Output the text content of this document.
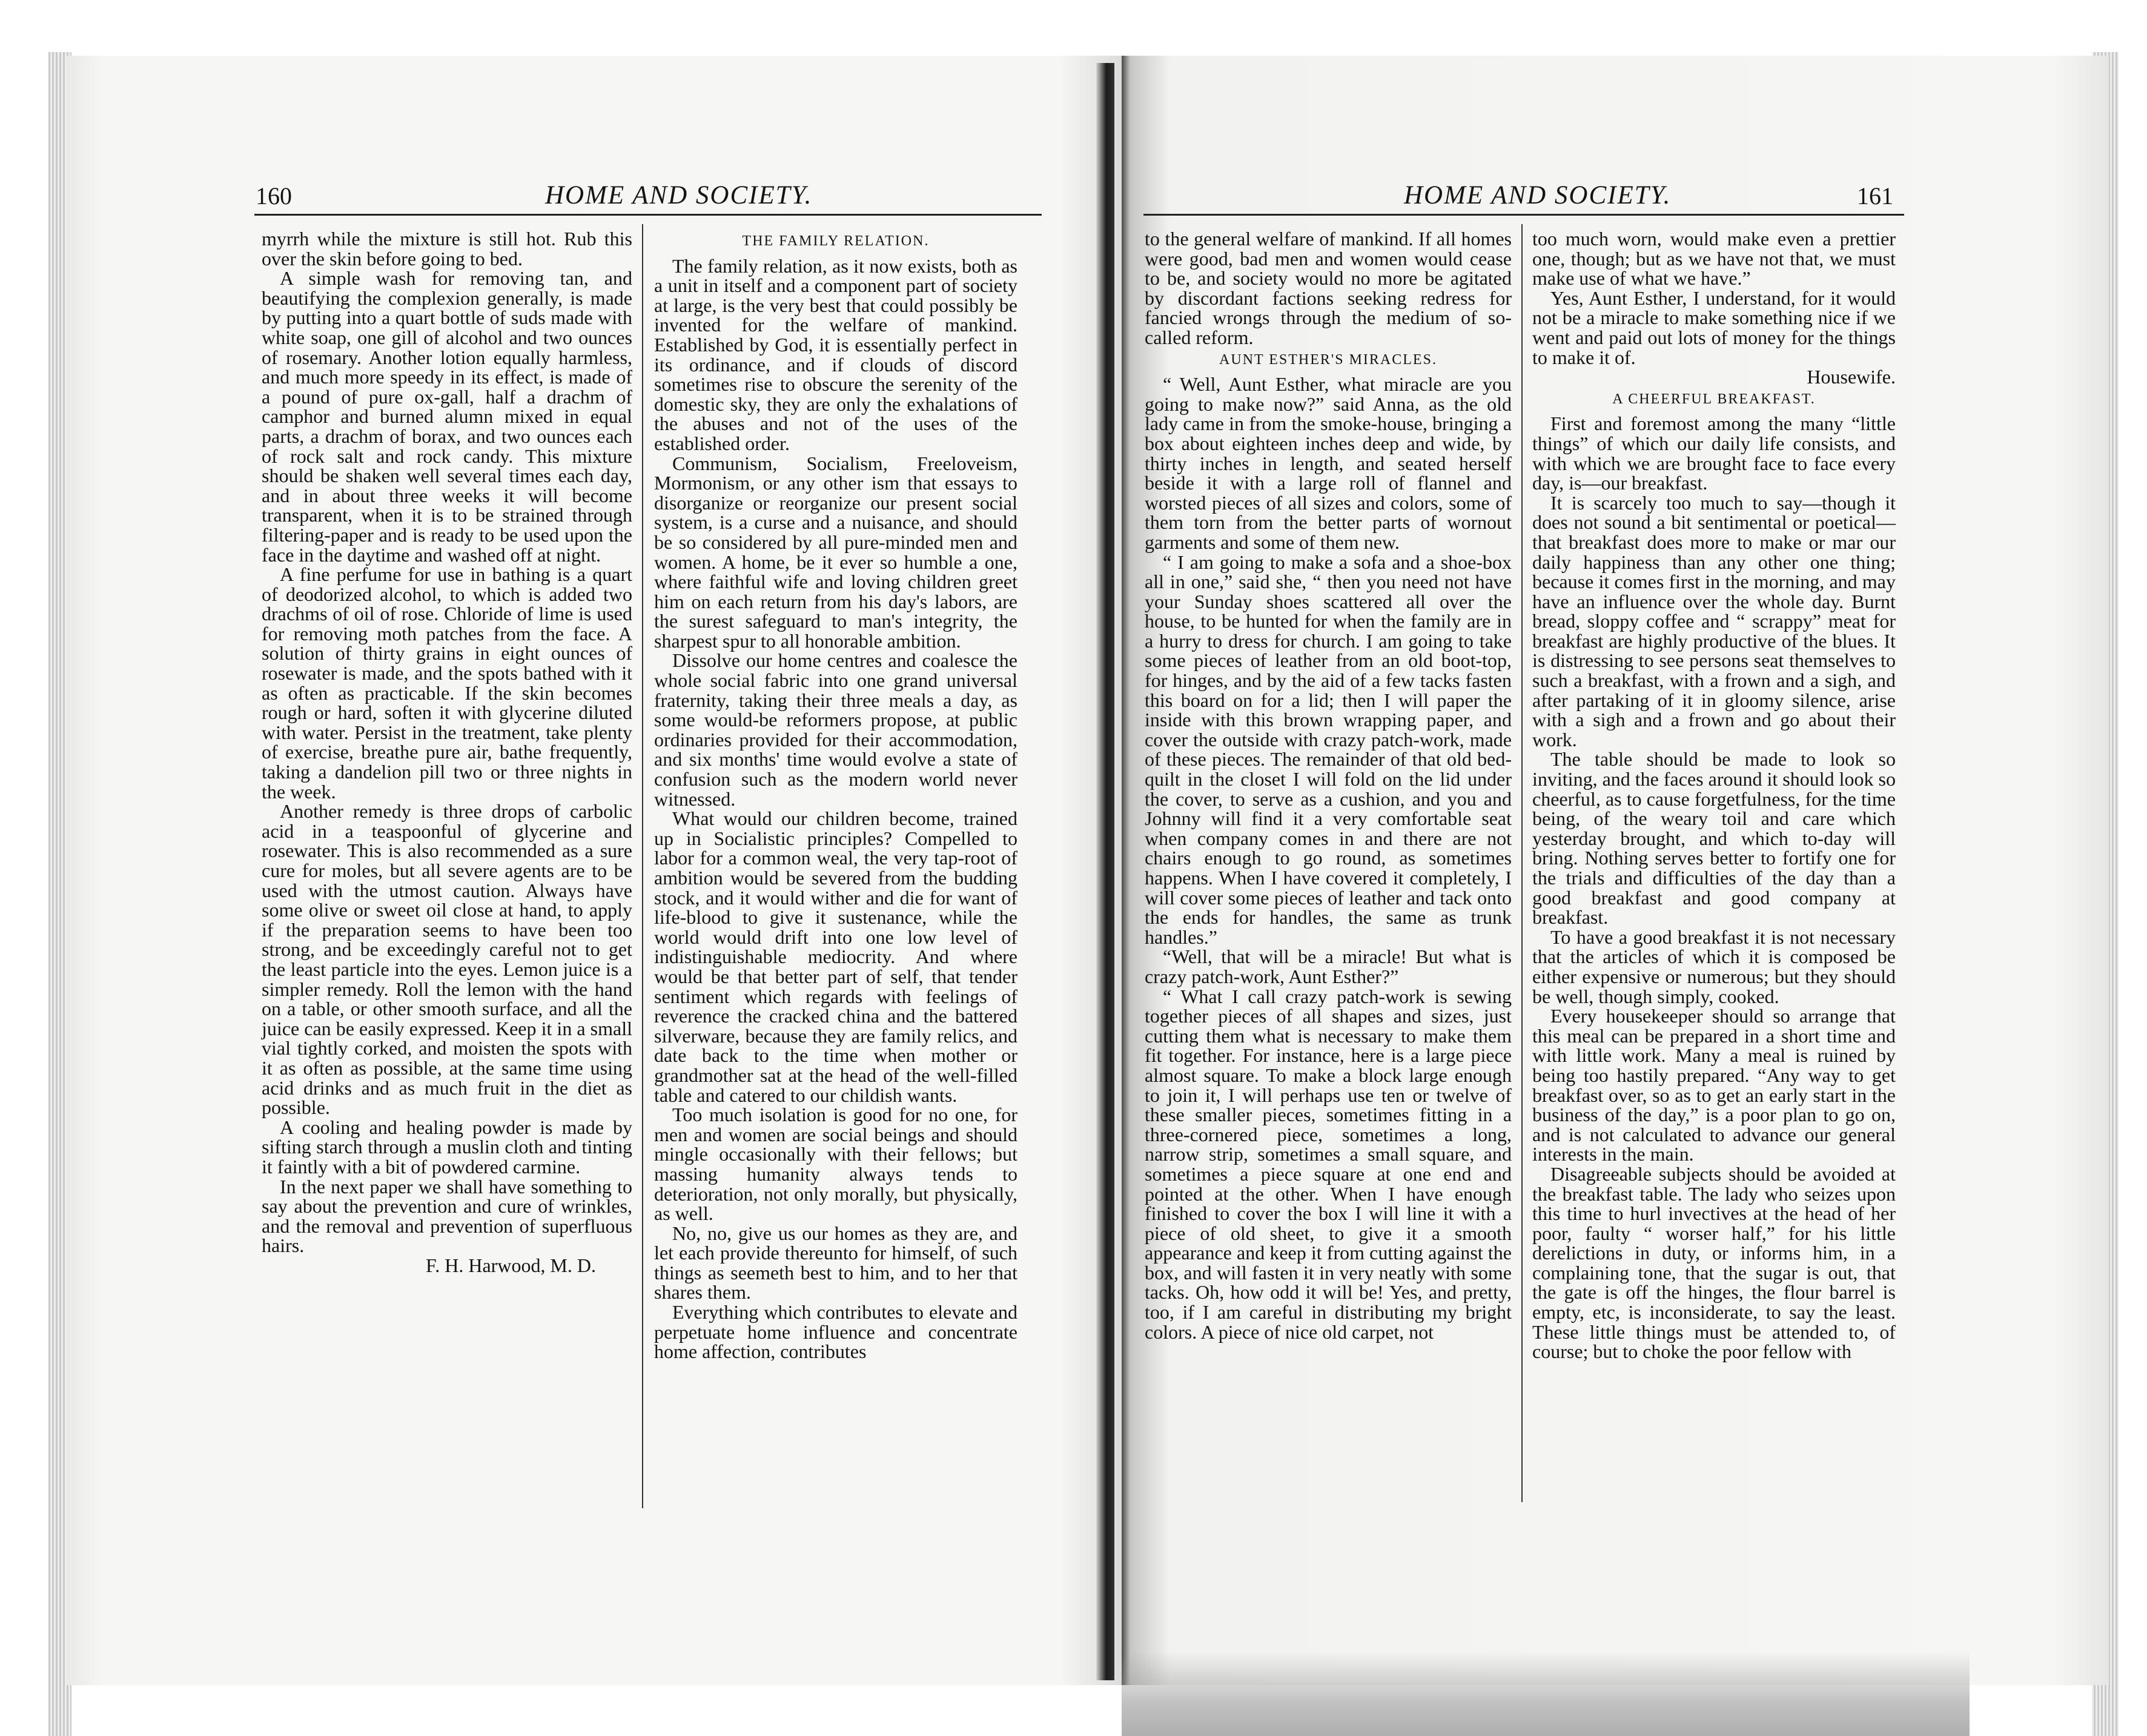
160	HOME AND SOCIETY.	HOME AND SOCIETY.	161

myrrh while the mixture is still hot. Rub this over the skin before going to bed.

A simple wash for removing tan, and beautifying the complexion generally, is made by putting into a quart bottle of suds made with white soap, one gill of alcohol and two ounces of rosemary. Another lotion equally harmless, and much more speedy in its effect, is made of a pound of pure ox-gall, half a drachm of camphor and burned alumn mixed in equal parts, a drachm of borax, and two ounces each of rock salt and rock candy. This mixture should be shaken well several times each day, and in about three weeks it will become transparent, when it is to be strained through filtering-paper and is ready to be used upon the face in the daytime and washed off at night.

A fine perfume for use in bathing is a quart of deodorized alcohol, to which is added two drachms of oil of rose. Chloride of lime is used for removing moth patches from the face. A solution of thirty grains in eight ounces of rosewater is made, and the spots bathed with it as often as practicable. If the skin becomes rough or hard, soften it with glycerine diluted with water. Persist in the treatment, take plenty of exercise, breathe pure air, bathe frequently, taking a dandelion pill two or three nights in the week.

Another remedy is three drops of carbolic acid in a teaspoonful of glycerine and rosewater. This is also recommended as a sure cure for moles, but all severe agents are to be used with the utmost caution. Always have some olive or sweet oil close at hand, to apply if the preparation seems to have been too strong, and be exceedingly careful not to get the least particle into the eyes. Lemon juice is a simpler remedy. Roll the lemon with the hand on a table, or other smooth surface, and all the juice can be easily expressed. Keep it in a small vial tightly corked, and moisten the spots with it as often as possible, at the same time using acid drinks and as much fruit in the diet as possible.

A cooling and healing powder is made by sifting starch through a muslin cloth and tinting it faintly with a bit of powdered carmine.

In the next paper we shall have something to say about the prevention and cure of wrinkles, and the removal and prevention of superfluous hairs.

F. H. Harwood, M. D.

THE FAMILY RELATION.

The family relation, as it now exists, both as a unit in itself and a component part of society at large, is the very best that could possibly be invented for the welfare of mankind. Established by God, it is essentially perfect in its ordinance, and if clouds of discord sometimes rise to obscure the serenity of the domestic sky, they are only the exhalations of the abuses and not of the uses of the established order.

Communism, Socialism, Freeloveism, Mormonism, or any other ism that essays to disorganize or reorganize our present social system, is a curse and a nuisance, and should be so considered by all pure-minded men and women. A home, be it ever so humble a one, where faithful wife and loving children greet him on each return from his day's labors, are the surest safeguard to man's integrity, the sharpest spur to all honorable ambition.

Dissolve our home centres and coalesce the whole social fabric into one grand universal fraternity, taking their three meals a day, as some would-be reformers propose, at public ordinaries provided for their accommodation, and six months' time would evolve a state of confusion such as the modern world never witnessed.

What would our children become, trained up in Socialistic principles? Compelled to labor for a common weal, the very tap-root of ambition would be severed from the budding stock, and it would wither and die for want of life-blood to give it sustenance, while the world would drift into one low level of indistinguishable mediocrity. And where would be that better part of self, that tender sentiment which regards with feelings of reverence the cracked china and the battered silverware, because they are family relics, and date back to the time when mother or grandmother sat at the head of the well-filled table and catered to our childish wants.

Too much isolation is good for no one, for men and women are social beings and should mingle occasionally with their fellows; but massing humanity always tends to deterioration, not only morally, but physically, as well.

No, no, give us our homes as they are, and let each provide thereunto for himself, of such things as seemeth best to him, and to her that shares them.

Everything which contributes to elevate and perpetuate home influence and concentrate home affection, contributes

to the general welfare of mankind. If all homes were good, bad men and women would cease to be, and society would no more be agitated by discordant factions seeking redress for fancied wrongs through the medium of so-called reform.

AUNT ESTHER'S MIRACLES.

“ Well, Aunt Esther, what miracle are you going to make now?” said Anna, as the old lady came in from the smoke-house, bringing a box about eighteen inches deep and wide, by thirty inches in length, and seated herself beside it with a large roll of flannel and worsted pieces of all sizes and colors, some of them torn from the better parts of wornout garments and some of them new.

“ I am going to make a sofa and a shoe-box all in one,” said she, “ then you need not have your Sunday shoes scattered all over the house, to be hunted for when the family are in a hurry to dress for church. I am going to take some pieces of leather from an old boot-top, for hinges, and by the aid of a few tacks fasten this board on for a lid; then I will paper the inside with this brown wrapping paper, and cover the outside with crazy patch-work, made of these pieces. The remainder of that old bed-quilt in the closet I will fold on the lid under the cover, to serve as a cushion, and you and Johnny will find it a very comfortable seat when company comes in and there are not chairs enough to go round, as sometimes happens. When I have covered it completely, I will cover some pieces of leather and tack onto the ends for handles, the same as trunk handles.”

“Well, that will be a miracle! But what is crazy patch-work, Aunt Esther?”

“ What I call crazy patch-work is sewing together pieces of all shapes and sizes, just cutting them what is necessary to make them fit together. For instance, here is a large piece almost square. To make a block large enough to join it, I will perhaps use ten or twelve of these smaller pieces, sometimes fitting in a three-cornered piece, sometimes a long, narrow strip, sometimes a small square, and sometimes a piece square at one end and pointed at the other. When I have enough finished to cover the box I will line it with a piece of old sheet, to give it a smooth appearance and keep it from cutting against the box, and will fasten it in very neatly with some tacks. Oh, how odd it will be! Yes, and pretty, too, if I am careful in distributing my bright colors. A piece of nice old carpet, not

too much worn, would make even a prettier one, though; but as we have not that, we must make use of what we have.”

Yes, Aunt Esther, I understand, for it would not be a miracle to make something nice if we went and paid out lots of money for the things to make it of.

Housewife.

A CHEERFUL BREAKFAST.

First and foremost among the many “little things” of which our daily life consists, and with which we are brought face to face every day, is—our breakfast.

It is scarcely too much to say—though it does not sound a bit sentimental or poetical—that breakfast does more to make or mar our daily happiness than any other one thing; because it comes first in the morning, and may have an influence over the whole day. Burnt bread, sloppy coffee and “ scrappy” meat for breakfast are highly productive of the blues. It is distressing to see persons seat themselves to such a breakfast, with a frown and a sigh, and after partaking of it in gloomy silence, arise with a sigh and a frown and go about their work.

The table should be made to look so inviting, and the faces around it should look so cheerful, as to cause forgetfulness, for the time being, of the weary toil and care which yesterday brought, and which to-day will bring. Nothing serves better to fortify one for the trials and difficulties of the day than a good breakfast and good company at breakfast.

To have a good breakfast it is not necessary that the articles of which it is composed be either expensive or numerous; but they should be well, though simply, cooked.

Every housekeeper should so arrange that this meal can be prepared in a short time and with little work. Many a meal is ruined by being too hastily prepared. “Any way to get breakfast over, so as to get an early start in the business of the day,” is a poor plan to go on, and is not calculated to advance our general interests in the main.

Disagreeable subjects should be avoided at the breakfast table. The lady who seizes upon this time to hurl invectives at the head of her poor, faulty “ worser half,” for his little derelictions in duty, or informs him, in a complaining tone, that the sugar is out, that the gate is off the hinges, the flour barrel is empty, etc, is inconsiderate, to say the least. These little things must be attended to, of course; but to choke the poor fellow with
